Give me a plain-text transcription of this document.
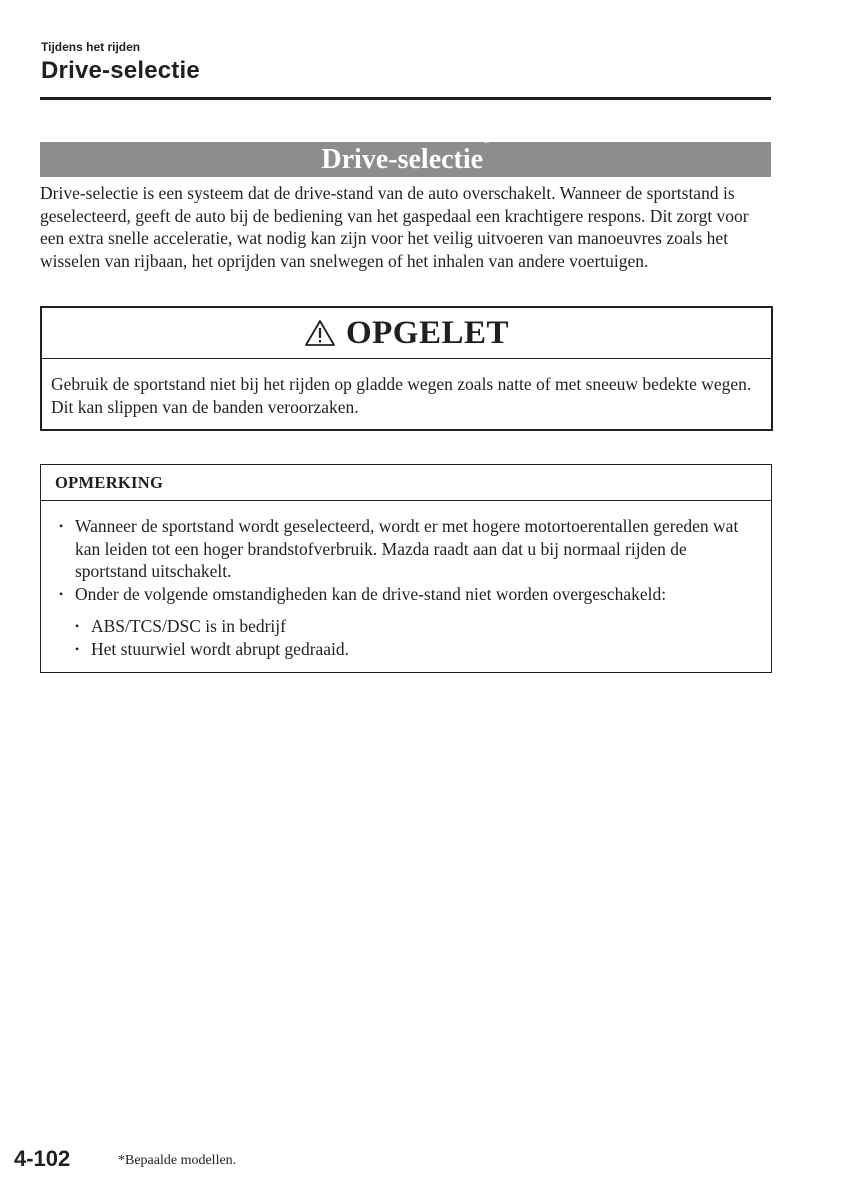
Tijdens het rijden

Drive-selectie
Drive-selectie*

Drive-selectie is een systeem dat de drive-stand van de auto overschakelt. Wanneer de sportstand is geselecteerd, geeft de auto bij de bediening van het gaspedaal een krachtigere respons. Dit zorgt voor een extra snelle acceleratie, wat nodig kan zijn voor het veilig uitvoeren van manoeuvres zoals het wisselen van rijbaan, het oprijden van snelwegen of het inhalen van andere voertuigen.

OPGELET

Gebruik de sportstand niet bij het rijden op gladde wegen zoals natte of met sneeuw bedekte wegen. Dit kan slippen van de banden veroorzaken.

OPMERKING
• Wanneer de sportstand wordt geselecteerd, wordt er met hogere motortoerentallen gereden wat kan leiden tot een hoger brandstofverbruik. Mazda raadt aan dat u bij normaal rijden de sportstand uitschakelt.
• Onder de volgende omstandigheden kan de drive-stand niet worden overgeschakeld:
• ABS/TCS/DSC is in bedrijf
• Het stuurwiel wordt abrupt gedraaid.

4-102	*Bepaalde modellen.
